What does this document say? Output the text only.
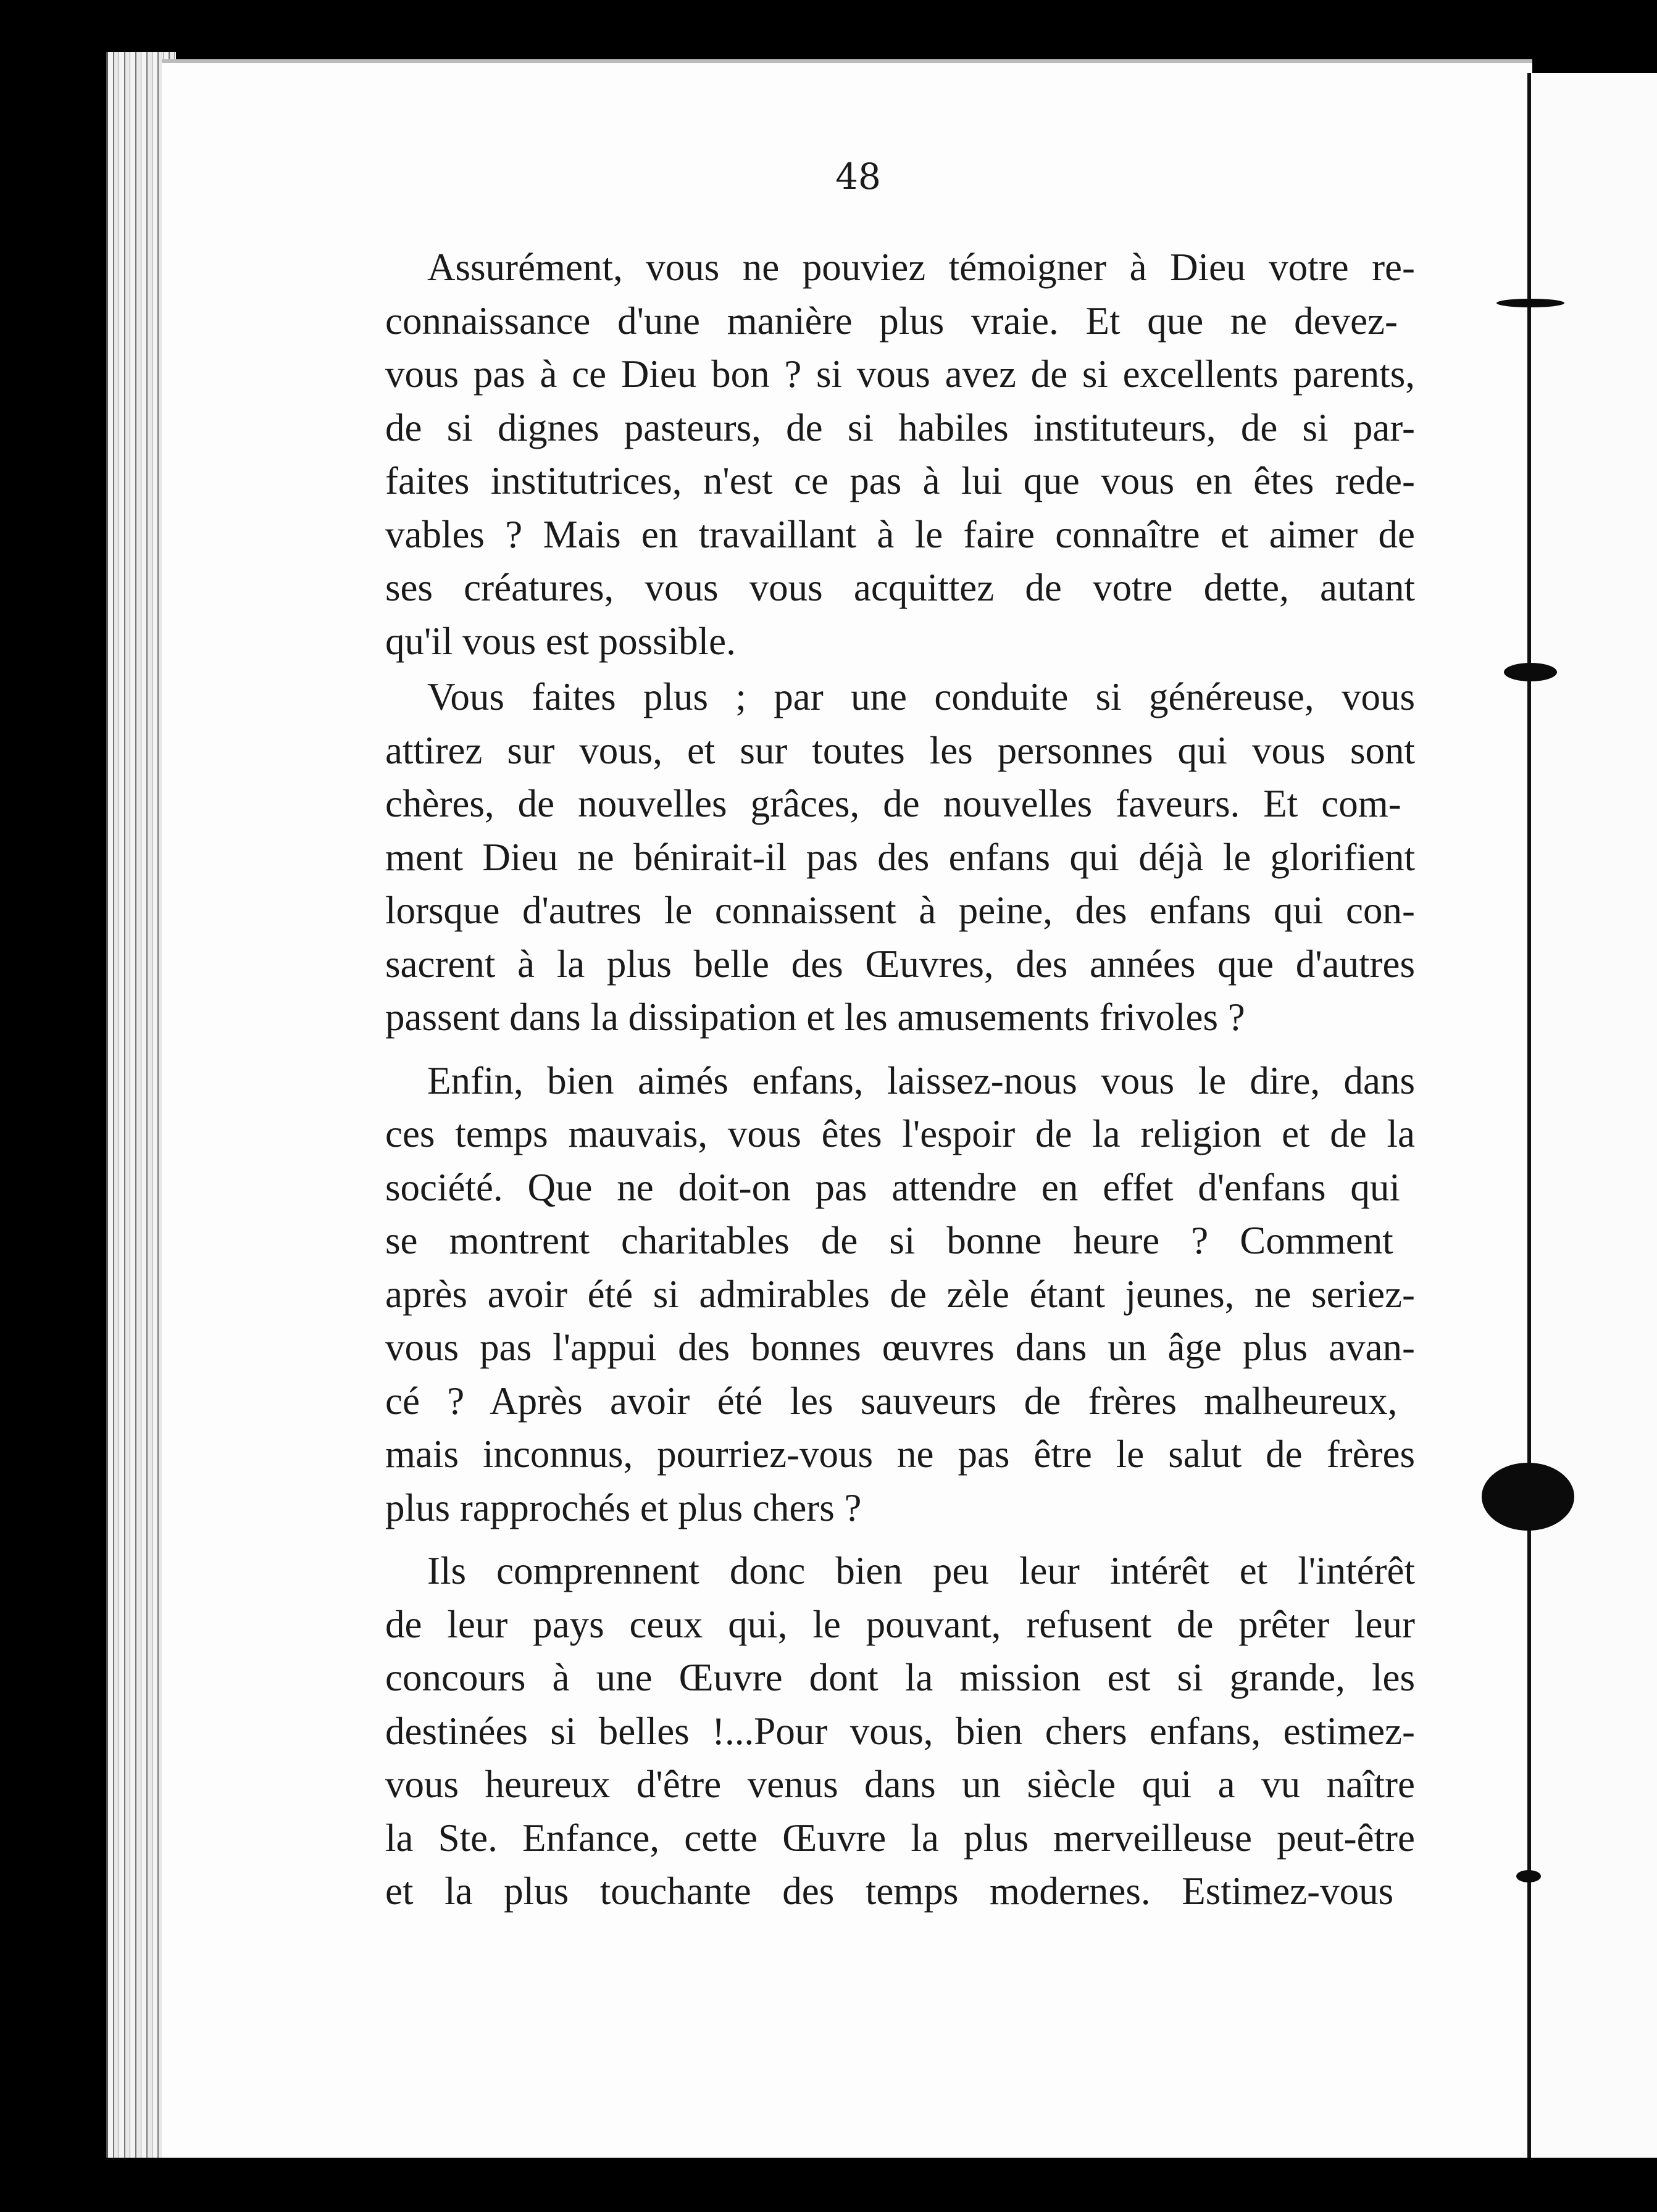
48
Assurément, vous ne pouviez témoigner à Dieu votre re-
connaissance d'une manière plus vraie. Et que ne devez-
vous pas à ce Dieu bon ? si vous avez de si excellents parents,
de si dignes pasteurs, de si habiles instituteurs, de si par-
faites institutrices, n'est ce pas à lui que vous en êtes rede-
vables ? Mais en travaillant à le faire connaître et aimer de
ses créatures, vous vous acquittez de votre dette, autant
qu'il vous est possible.
Vous faites plus ; par une conduite si généreuse, vous
attirez sur vous, et sur toutes les personnes qui vous sont
chères, de nouvelles grâces, de nouvelles faveurs. Et com-
ment Dieu ne bénirait-il pas des enfans qui déjà le glorifient
lorsque d'autres le connaissent à peine, des enfans qui con-
sacrent à la plus belle des Œuvres, des années que d'autres
passent dans la dissipation et les amusements frivoles ?
Enfin, bien aimés enfans, laissez-nous vous le dire, dans
ces temps mauvais, vous êtes l'espoir de la religion et de la
société. Que ne doit-on pas attendre en effet d'enfans qui
se montrent charitables de si bonne heure ? Comment
après avoir été si admirables de zèle étant jeunes, ne seriez-
vous pas l'appui des bonnes œuvres dans un âge plus avan-
cé ? Après avoir été les sauveurs de frères malheureux,
mais inconnus, pourriez-vous ne pas être le salut de frères
plus rapprochés et plus chers ?
Ils comprennent donc bien peu leur intérêt et l'intérêt
de leur pays ceux qui, le pouvant, refusent de prêter leur
concours à une Œuvre dont la mission est si grande, les
destinées si belles !...Pour vous, bien chers enfans, estimez-
vous heureux d'être venus dans un siècle qui a vu naître
la Ste. Enfance, cette Œuvre la plus merveilleuse peut-être
et la plus touchante des temps modernes. Estimez-vous
